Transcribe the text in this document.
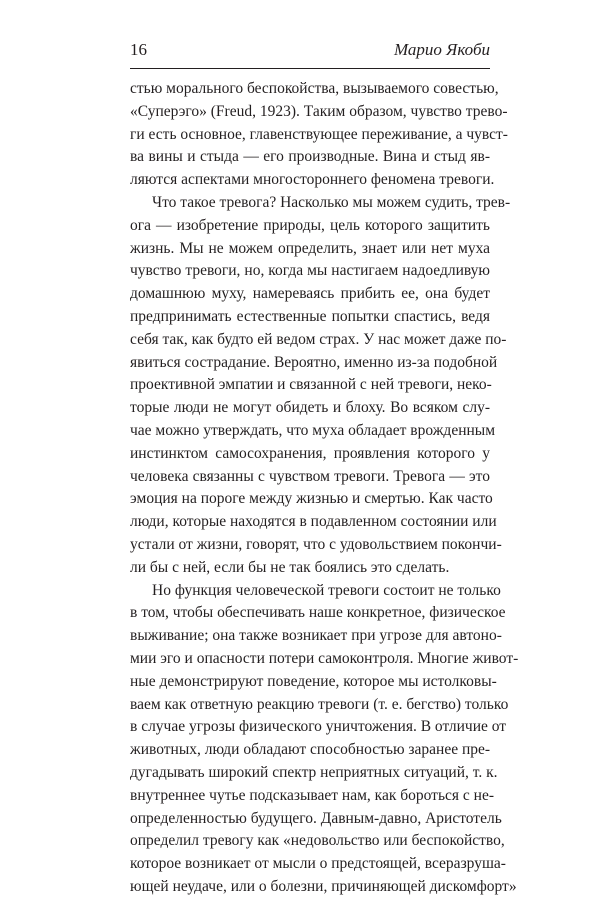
16	Марио Якоби
стью морального беспокойства, вызываемого совестью,
«Суперэго» (Freud, 1923). Таким образом, чувство трево-
ги есть основное, главенствующее переживание, а чувст-
ва вины и стыда — его производные. Вина и стыд яв-
ляются аспектами многостороннего феномена тревоги.
Что такое тревога? Насколько мы можем судить, трев-
ога — изобретение природы, цель которого защитить
жизнь. Мы не можем определить, знает или нет муха
чувство тревоги, но, когда мы настигаем надоедливую
домашнюю муху, намереваясь прибить ее, она будет
предпринимать естественные попытки спастись, ведя
себя так, как будто ей ведом страх. У нас может даже по-
явиться сострадание. Вероятно, именно из-за подобной
проективной эмпатии и связанной с ней тревоги, неко-
торые люди не могут обидеть и блоху. Во всяком слу-
чае можно утверждать, что муха обладает врожденным
инстинктом самосохранения, проявления которого у
человека связанны с чувством тревоги. Тревога — это
эмоция на пороге между жизнью и смертью. Как часто
люди, которые находятся в подавленном состоянии или
устали от жизни, говорят, что с удовольствием покончи-
ли бы с ней, если бы не так боялись это сделать.
Но функция человеческой тревоги состоит не только
в том, чтобы обеспечивать наше конкретное, физическое
выживание; она также возникает при угрозе для автоно-
мии эго и опасности потери самоконтроля. Многие живот-
ные демонстрируют поведение, которое мы истолковы-
ваем как ответную реакцию тревоги (т. е. бегство) только
в случае угрозы физического уничтожения. В отличие от
животных, люди обладают способностью заранее пре-
дугадывать широкий спектр неприятных ситуаций, т. к.
внутреннее чутье подсказывает нам, как бороться с не-
определенностью будущего. Давным-давно, Аристотель
определил тревогу как «недовольство или беспокойство,
которое возникает от мысли о предстоящей, всеразруша-
ющей неудаче, или о болезни, причиняющей дискомфорт»
